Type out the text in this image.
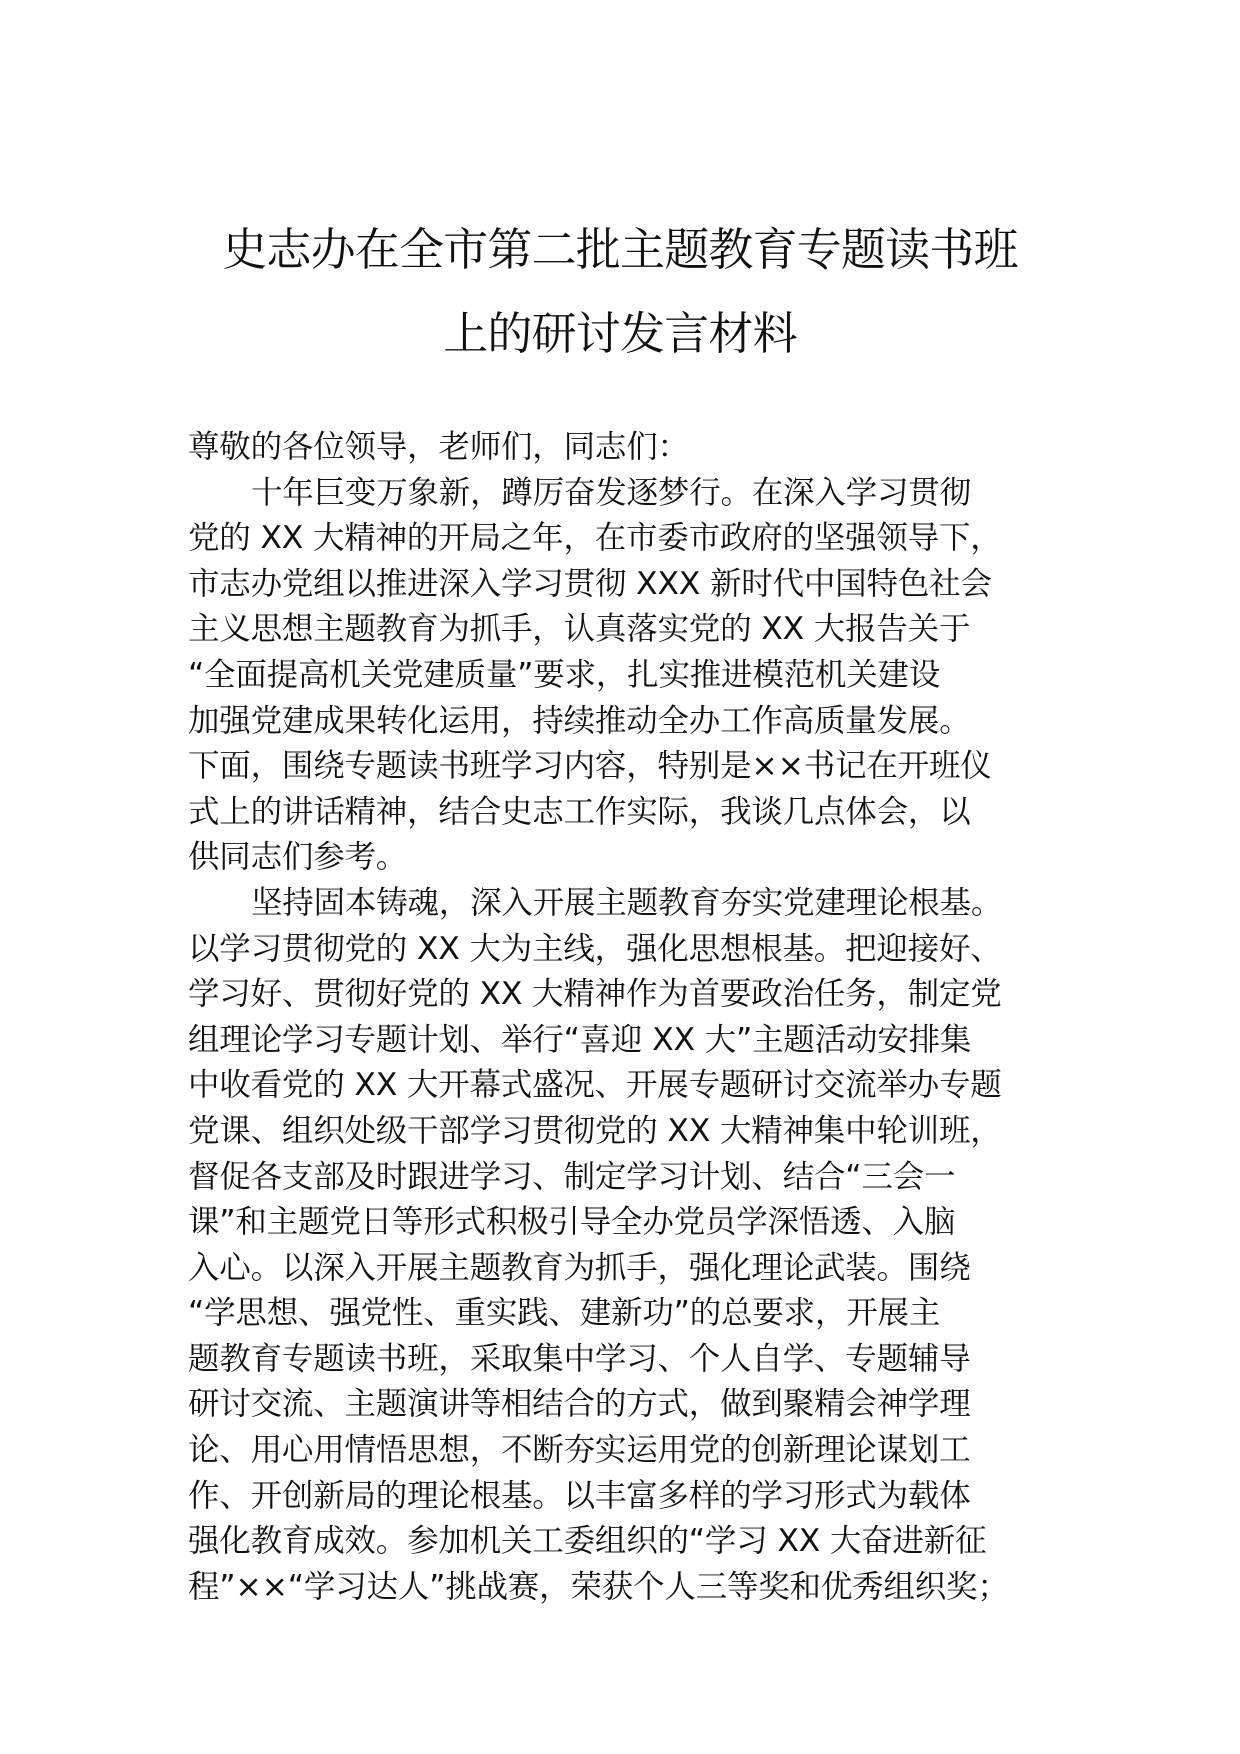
史志办在全市第二批主题教育专题读书班
上的研讨发言材料
尊敬的各位领导，老师们，同志们：
十年巨变万象新，蹲厉奋发逐梦行。在深入学习贯彻
党的 XX 大精神的开局之年，在市委市政府的坚强领导下，
市志办党组以推进深入学习贯彻 XXX 新时代中国特色社会
主义思想主题教育为抓手，认真落实党的 XX 大报告关于
“全面提高机关党建质量”要求，扎实推进模范机关建设
加强党建成果转化运用，持续推动全办工作高质量发展。
下面，围绕专题读书班学习内容，特别是××书记在开班仪
式上的讲话精神，结合史志工作实际，我谈几点体会，以
供同志们参考。
坚持固本铸魂，深入开展主题教育夯实党建理论根基。
以学习贯彻党的 XX 大为主线，强化思想根基。把迎接好、
学习好、贯彻好党的 XX 大精神作为首要政治任务，制定党
组理论学习专题计划、举行“喜迎 XX 大”主题活动安排集
中收看党的 XX 大开幕式盛况、开展专题研讨交流举办专题
党课、组织处级干部学习贯彻党的 XX 大精神集中轮训班，
督促各支部及时跟进学习、制定学习计划、结合“三会一
课”和主题党日等形式积极引导全办党员学深悟透、入脑
入心。以深入开展主题教育为抓手，强化理论武装。围绕
“学思想、强党性、重实践、建新功”的总要求，开展主
题教育专题读书班，采取集中学习、个人自学、专题辅导
研讨交流、主题演讲等相结合的方式，做到聚精会神学理
论、用心用情悟思想，不断夯实运用党的创新理论谋划工
作、开创新局的理论根基。以丰富多样的学习形式为载体
强化教育成效。参加机关工委组织的“学习 XX 大奋进新征
程”××“学习达人”挑战赛，荣获个人三等奖和优秀组织奖；
